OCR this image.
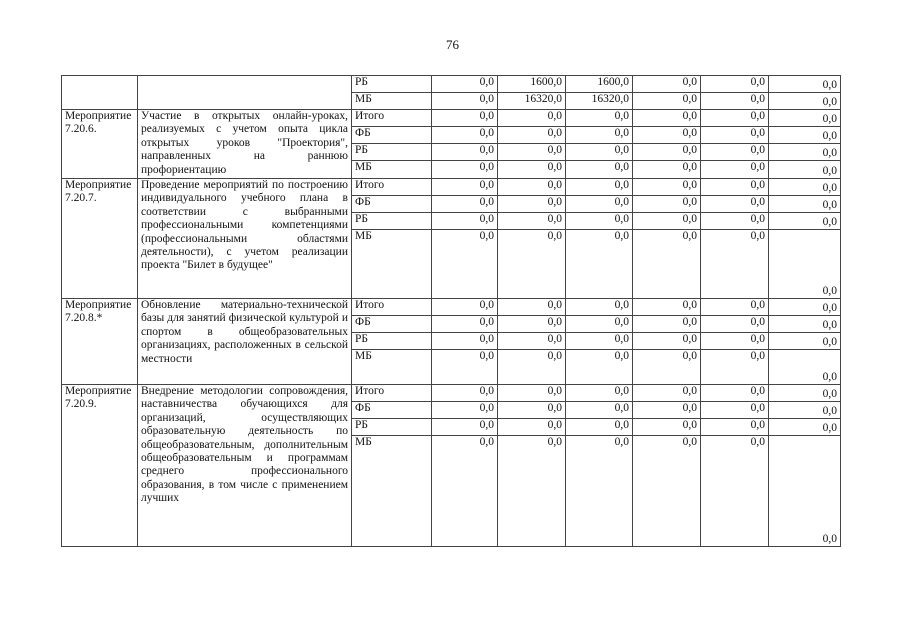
76
		РБ	0,0	1600,0	1600,0	0,0	0,0	0,0
		МБ	0,0	16320,0	16320,0	0,0	0,0	0,0
Мероприятие 7.20.6.	Участие в открытых онлайн-уроках, реализуемых с учетом опыта цикла открытых уроков "Проектория", направленных на раннюю профориентацию	Итого	0,0	0,0	0,0	0,0	0,0	0,0
		ФБ	0,0	0,0	0,0	0,0	0,0	0,0
		РБ	0,0	0,0	0,0	0,0	0,0	0,0
		МБ	0,0	0,0	0,0	0,0	0,0	0,0
Мероприятие 7.20.7.	Проведение мероприятий по построению индивидуального учебного плана в соответствии с выбранными профессиональными компетенциями (профессиональными областями деятельности), с учетом реализации проекта "Билет в будущее"	Итого	0,0	0,0	0,0	0,0	0,0	0,0
		ФБ	0,0	0,0	0,0	0,0	0,0	0,0
		РБ	0,0	0,0	0,0	0,0	0,0	0,0
		МБ	0,0	0,0	0,0	0,0	0,0	0,0
Мероприятие 7.20.8.*	Обновление материально-технической базы для занятий физической культурой и спортом в общеобразовательных организациях, расположенных в сельской местности	Итого	0,0	0,0	0,0	0,0	0,0	0,0
		ФБ	0,0	0,0	0,0	0,0	0,0	0,0
		РБ	0,0	0,0	0,0	0,0	0,0	0,0
		МБ	0,0	0,0	0,0	0,0	0,0	0,0
Мероприятие 7.20.9.	Внедрение методологии сопровождения, наставничества обучающихся для организаций, осуществляющих образовательную деятельность по общеобразовательным, дополнительным общеобразовательным и программам среднего профессионального образования, в том числе с применением лучших	Итого	0,0	0,0	0,0	0,0	0,0	0,0
		ФБ	0,0	0,0	0,0	0,0	0,0	0,0
		РБ	0,0	0,0	0,0	0,0	0,0	0,0
		МБ	0,0	0,0	0,0	0,0	0,0	0,0
